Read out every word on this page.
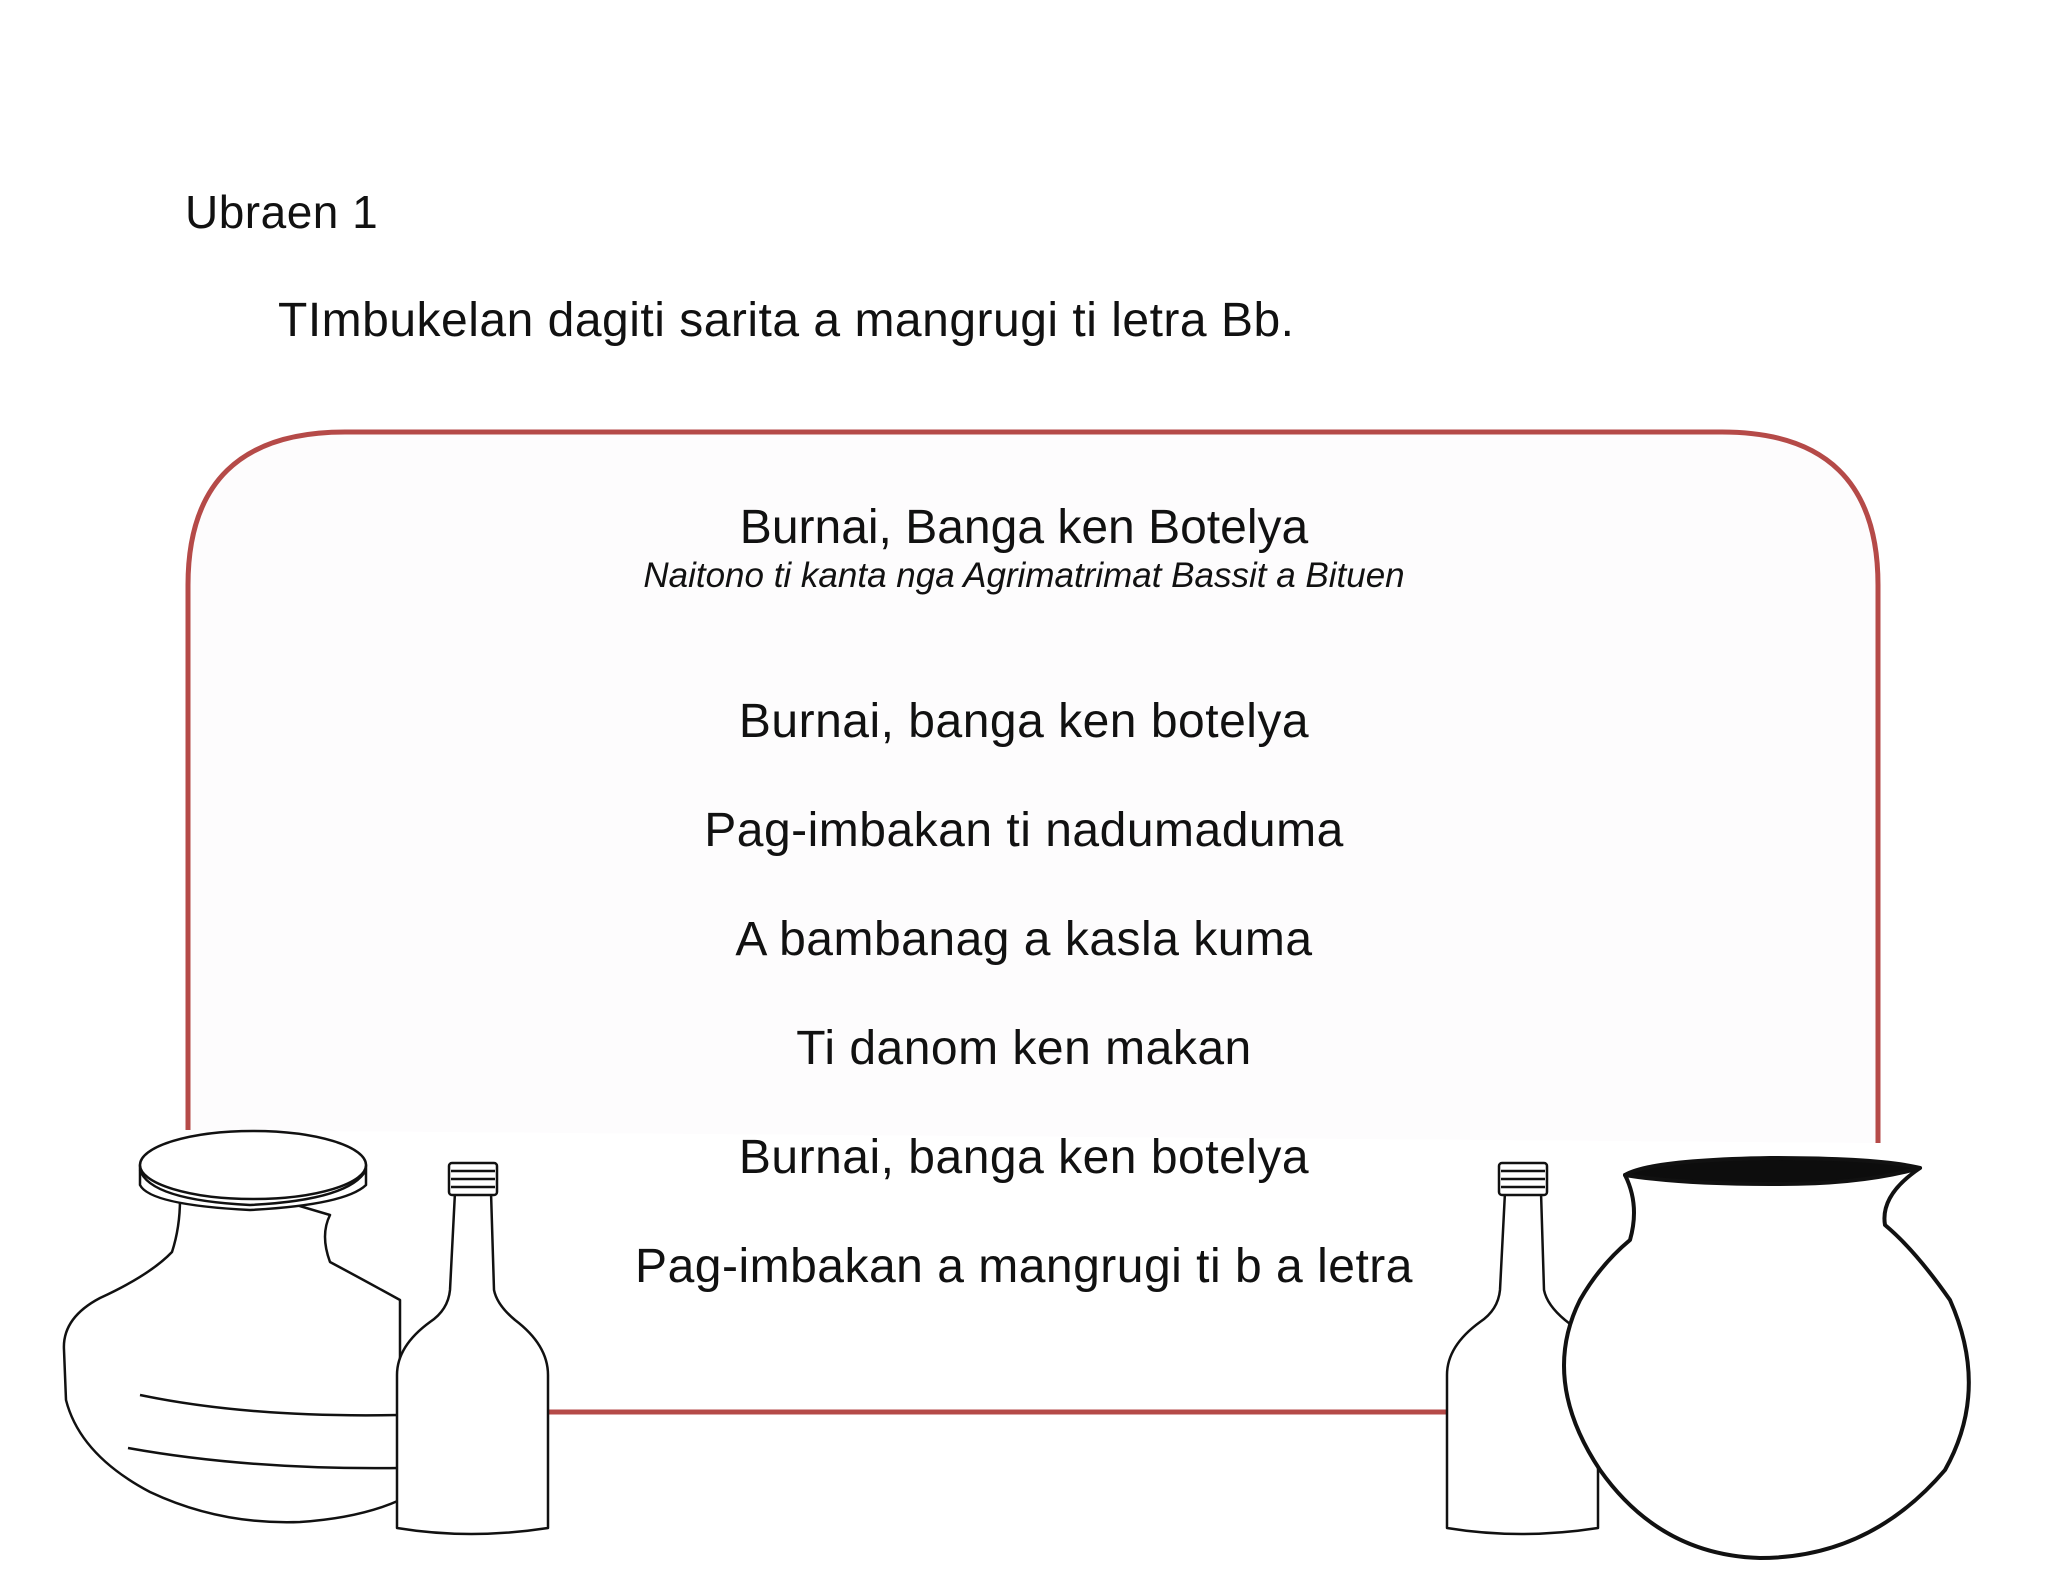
Ubraen 1
TImbukelan dagiti sarita a mangrugi ti letra Bb.
Burnai, Banga ken Botelya
Naitono ti kanta nga Agrimatrimat Bassit a Bituen
Burnai, banga ken botelya
Pag-imbakan ti nadumaduma
A bambanag a kasla kuma
Ti danom ken makan
Burnai, banga ken botelya
Pag-imbakan a mangrugi ti b a letra
